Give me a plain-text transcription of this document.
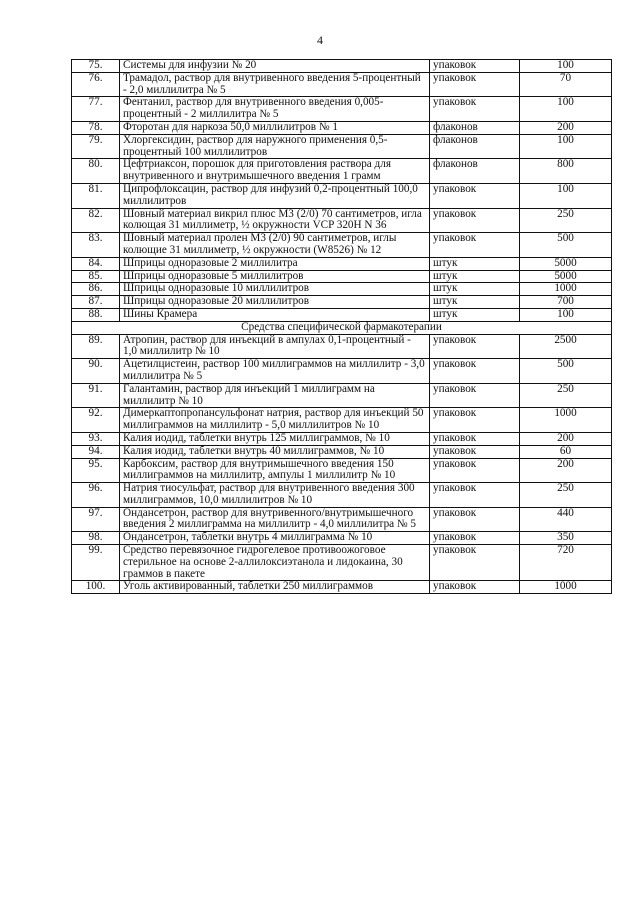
4
75.	Системы для инфузии № 20	упаковок	100
76.	Трамадол, раствор для внутривенного введения 5-процентный - 2,0 миллилитра № 5	упаковок	70
77.	Фентанил, раствор для внутривенного введения 0,005-процентный - 2 миллилитра № 5	упаковок	100
78.	Фторотан для наркоза 50,0 миллилитров № 1	флаконов	200
79.	Хлоргексидин, раствор для наружного применения 0,5-процентный 100 миллилитров	флаконов	100
80.	Цефтриаксон, порошок для приготовления раствора для внутривенного и внутримышечного введения 1 грамм	флаконов	800
81.	Ципрофлоксацин, раствор для инфузий 0,2-процентный 100,0 миллилитров	упаковок	100
82.	Шовный материал викрил плюс М3 (2/0) 70 сантиметров, игла колющая 31 миллиметр, ½ окружности VCP 320H N 36	упаковок	250
83.	Шовный материал пролен М3 (2/0) 90 сантиметров, иглы колющие 31 миллиметр, ½ окружности (W8526) № 12	упаковок	500
84.	Шприцы одноразовые 2 миллилитра	штук	5000
85.	Шприцы одноразовые 5 миллилитров	штук	5000
86.	Шприцы одноразовые 10 миллилитров	штук	1000
87.	Шприцы одноразовые 20 миллилитров	штук	700
88.	Шины Крамера	штук	100
Средства специфической фармакотерапии			
89.	Атропин, раствор для инъекций в ампулах 0,1-процентный - 1,0 миллилитр № 10	упаковок	2500
90.	Ацетилцистеин, раствор 100 миллиграммов на миллилитр - 3,0 миллилитра № 5	упаковок	500
91.	Галантамин, раствор для инъекций 1 миллиграмм на миллилитр № 10	упаковок	250
92.	Димеркаптопропансульфонат натрия, раствор для инъекций 50 миллиграммов на миллилитр - 5,0 миллилитров № 10	упаковок	1000
93.	Калия иодид, таблетки внутрь 125 миллиграммов, № 10	упаковок	200
94.	Калия иодид, таблетки внутрь 40 миллиграммов, № 10	упаковок	60
95.	Карбоксим, раствор для внутримышечного введения 150 миллиграммов на миллилитр, ампулы 1 миллилитр № 10	упаковок	200
96.	Натрия тиосульфат, раствор для внутривенного введения 300 миллиграммов, 10,0 миллилитров № 10	упаковок	250
97.	Ондансетрон, раствор для внутривенного/внутримышечного введения 2 миллиграмма на миллилитр - 4,0 миллилитра № 5	упаковок	440
98.	Ондансетрон, таблетки внутрь 4 миллиграмма № 10	упаковок	350
99.	Средство перевязочное гидрогелевое противоожоговое стерильное на основе 2-аллилоксиэтанола и лидокаина, 30 граммов в пакете	упаковок	720
100.	Уголь активированный, таблетки 250 миллиграммов	упаковок	1000
